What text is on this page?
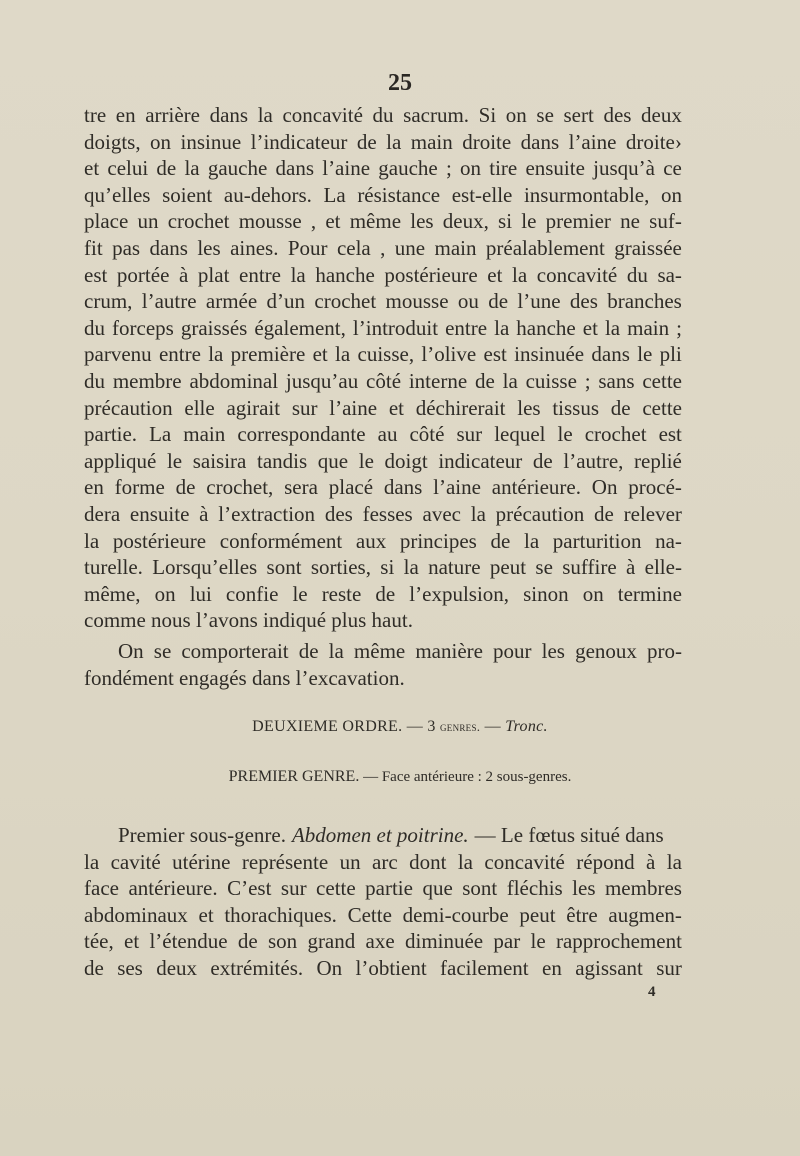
25
tre en arrière dans la concavité du sacrum. Si on se sert des deux
doigts, on insinue l’indicateur de la main droite dans l’aine droite›
et celui de la gauche dans l’aine gauche ; on tire ensuite jusqu’à ce
qu’elles soient au-dehors. La résistance est-elle insurmontable, on
place un crochet mousse , et même les deux, si le premier ne suf-
fit pas dans les aines. Pour cela , une main préalablement graissée
est portée à plat entre la hanche postérieure et la concavité du sa-
crum, l’autre armée d’un crochet mousse ou de l’une des branches
du forceps graissés également, l’introduit entre la hanche et la main ;
parvenu entre la première et la cuisse, l’olive est insinuée dans le pli
du membre abdominal jusqu’au côté interne de la cuisse ; sans cette
précaution elle agirait sur l’aine et déchirerait les tissus de cette
partie. La main correspondante au côté sur lequel le crochet est
appliqué le saisira tandis que le doigt indicateur de l’autre, replié
en forme de crochet, sera placé dans l’aine antérieure. On procé-
dera ensuite à l’extraction des fesses avec la précaution de relever
la postérieure conformément aux principes de la parturition na-
turelle. Lorsqu’elles sont sorties, si la nature peut se suffire à elle-
même, on lui confie le reste de l’expulsion, sinon on termine
comme nous l’avons indiqué plus haut.
On se comporterait de la même manière pour les genoux pro-
fondément engagés dans l’excavation.
DEUXIEME ORDRE. — 3 genres. — Tronc.
PREMIER GENRE. — Face antérieure : 2 sous-genres.
Premier sous-genre. Abdomen et poitrine. — Le fœtus situé dans
la cavité utérine représente un arc dont la concavité répond à la
face antérieure. C’est sur cette partie que sont fléchis les membres
abdominaux et thorachiques. Cette demi-courbe peut être augmen-
tée, et l’étendue de son grand axe diminuée par le rapprochement
de ses deux extrémités. On l’obtient facilement en agissant sur
4
